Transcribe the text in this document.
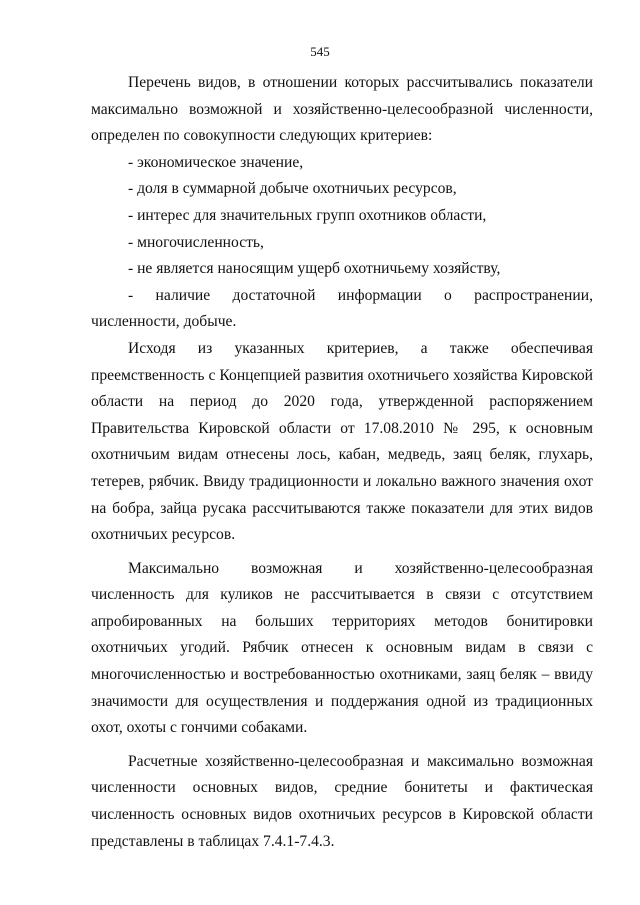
545

Перечень видов, в отношении которых рассчитывались показатели максимально возможной и хозяйственно-целесообразной численности, определен по совокупности следующих критериев:

- экономическое значение,
- доля в суммарной добыче охотничьих ресурсов,
- интерес для значительных групп охотников области,
- многочисленность,
- не является наносящим ущерб охотничьему хозяйству,
- наличие достаточной информации о распространении, численности, добыче.

Исходя из указанных критериев, а также обеспечивая преемственность с Концепцией развития охотничьего хозяйства Кировской области на период до 2020 года, утвержденной распоряжением Правительства Кировской области от 17.08.2010 № 295, к основным охотничьим видам отнесены лось, кабан, медведь, заяц беляк, глухарь, тетерев, рябчик. Ввиду традиционности и локально важного значения охот на бобра, зайца русака рассчитываются также показатели для этих видов охотничьих ресурсов.

Максимально возможная и хозяйственно-целесообразная численность для куликов не рассчитывается в связи с отсутствием апробированных на больших территориях методов бонитировки охотничьих угодий. Рябчик отнесен к основным видам в связи с многочисленностью и востребованностью охотниками, заяц беляк – ввиду значимости для осуществления и поддержания одной из традиционных охот, охоты с гончими собаками.

Расчетные хозяйственно-целесообразная и максимально возможная численности основных видов, средние бонитеты и фактическая численность основных видов охотничьих ресурсов в Кировской области представлены в таблицах 7.4.1-7.4.3.
